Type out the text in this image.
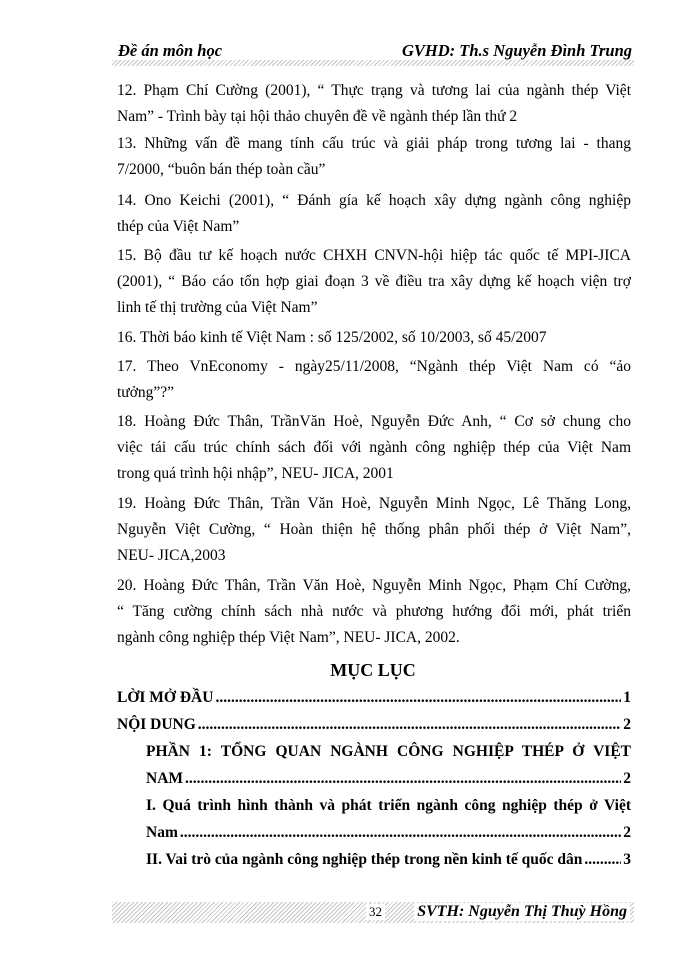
Đề án môn học	GVHD: Th.s Nguyễn Đình Trung
12. Phạm Chí Cường (2001), “ Thực trạng và tương lai của ngành thép Việt
Nam” - Trình bày tại hội thảo chuyên đề về ngành thép lần thứ 2
13. Những vấn đề mang tính cấu trúc và giải pháp trong tương lai - thang
7/2000, “buôn bán thép toàn cầu”
14. Ono Keichi (2001), “ Đánh gía kế hoạch xây dựng ngành công nghiệp
thép của Việt Nam”
15. Bộ đầu tư kế hoạch nước CHXH CNVN-hội hiệp tác quốc tế MPI-JICA
(2001), “ Báo cáo tổn hợp giai đoạn 3 về điều tra xây dựng kế hoạch viện trợ
linh tế thị trường của Việt Nam”
16. Thời báo kinh tế Việt Nam : số 125/2002, số 10/2003, số 45/2007
17. Theo VnEconomy - ngày25/11/2008, “Ngành thép Việt Nam có “ảo
tưởng”?”
18. Hoàng Đức Thân, TrầnVăn Hoè, Nguyễn Đức Anh, “ Cơ sở chung cho
việc tái cấu trúc chính sách đối với ngành công nghiệp thép của Việt Nam
trong quá trình hội nhập”, NEU- JICA, 2001
19. Hoàng Đức Thân, Trần Văn Hoè, Nguyễn Minh Ngọc, Lê Thăng Long,
Nguyễn Việt Cường, “ Hoàn thiện hệ thống phân phối thép ở Việt Nam”,
NEU- JICA,2003
20. Hoàng Đức Thân, Trần Văn Hoè, Nguyễn Minh Ngọc, Phạm Chí Cường,
“ Tăng cường chính sách nhà nước và phương hướng đổi mới, phát triển
ngành công nghiệp thép Việt Nam”, NEU- JICA, 2002.
MỤC LỤC
LỜI MỞ ĐẦU .....	1
NỘI DUNG .....	2
PHẦN 1: TỔNG QUAN NGÀNH CÔNG NGHIỆP THÉP Ở VIỆT
NAM .....	2
I. Quá trình hình thành và phát triển ngành công nghiệp thép ở Việt
Nam .....	2
II. Vai trò của ngành công nghiệp thép trong nền kinh tế quốc dân .....	3
32 SVTH: Nguyễn Thị Thuỳ Hồng
